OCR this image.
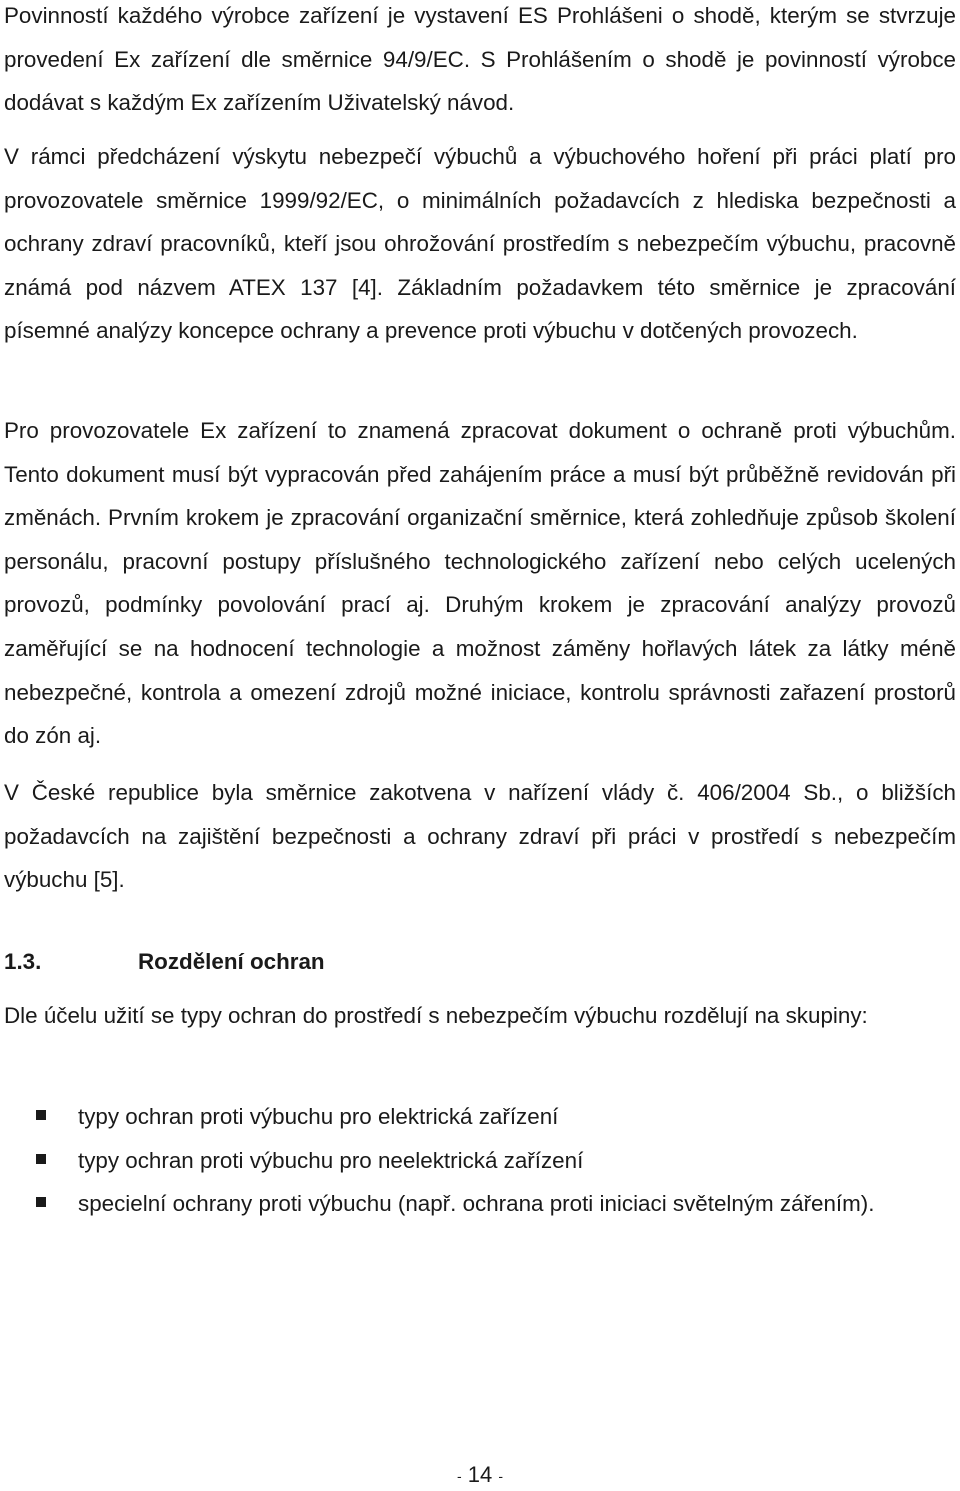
Povinností každého výrobce zařízení je vystavení ES Prohlášeni o shodě, kterým se stvrzuje provedení Ex zařízení dle směrnice 94/9/EC. S Prohlášením o shodě je povinností výrobce dodávat s každým Ex zařízením Uživatelský návod.

V rámci předcházení výskytu nebezpečí výbuchů a výbuchového hoření při práci platí pro provozovatele směrnice 1999/92/EC, o minimálních požadavcích z hlediska bezpečnosti a ochrany zdraví pracovníků, kteří jsou ohrožování prostředím s nebezpečím výbuchu, pracovně známá pod názvem ATEX 137 [4]. Základním požadavkem této směrnice je zpracování písemné analýzy koncepce ochrany a prevence proti výbuchu v dotčených provozech.

Pro provozovatele Ex zařízení to znamená zpracovat dokument o ochraně proti výbuchům. Tento dokument musí být vypracován před zahájením práce a musí být průběžně revidován při změnách. Prvním krokem je zpracování organizační směrnice, která zohledňuje způsob školení personálu, pracovní postupy příslušného technologického zařízení nebo celých ucelených provozů, podmínky povolování prací aj. Druhým krokem je zpracování analýzy provozů zaměřující se na hodnocení technologie a možnost záměny hořlavých látek za látky méně nebezpečné, kontrola a omezení zdrojů možné iniciace, kontrolu správnosti zařazení prostorů do zón aj.

V České republice byla směrnice zakotvena v nařízení vlády č. 406/2004 Sb., o bližších požadavcích na zajištění bezpečnosti a ochrany zdraví při práci v prostředí s nebezpečím výbuchu [5].

1.3.	Rozdělení ochran

Dle účelu užití se typy ochran do prostředí s nebezpečím výbuchu rozdělují na skupiny:

typy ochran proti výbuchu pro elektrická zařízení
typy ochran proti výbuchu pro neelektrická zařízení
specielní ochrany proti výbuchu (např. ochrana proti iniciaci světelným zářením).
- 14 -
